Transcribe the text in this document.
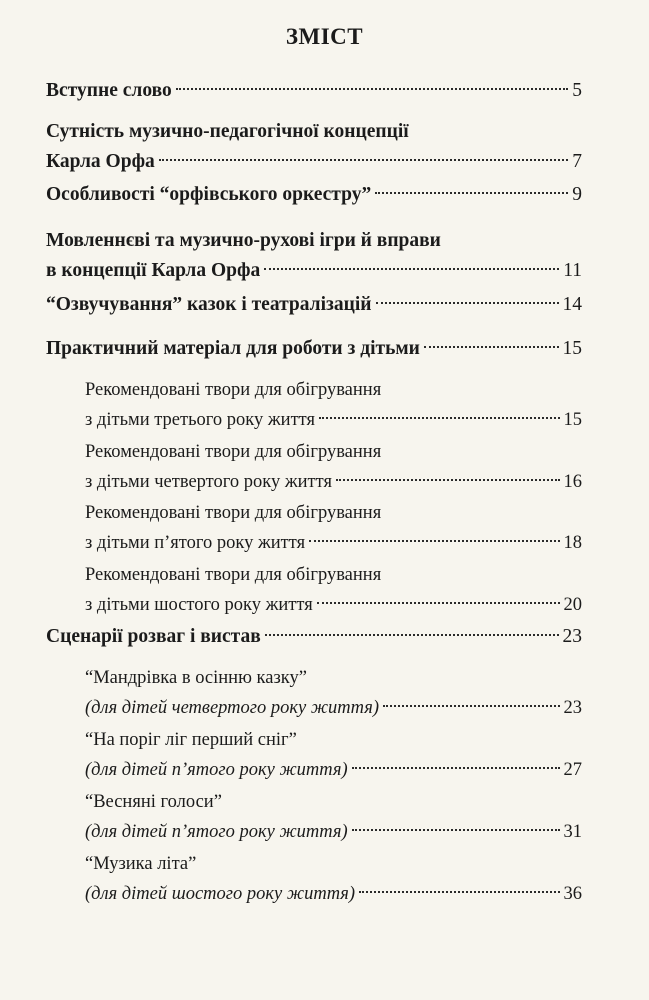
ЗМІСТ
Вступне слово	5
Сутність музично-педагогічної концепції
Карла Орфа	7
Особливості “орфівського оркестру”	9
Мовленнєві та музично-рухові ігри й вправи
в концепції Карла Орфа	11
“Озвучування” казок і театралізацій	14
Практичний матеріал для роботи з дітьми	15
Рекомендовані твори для обігрування
з дітьми третього року життя	15
Рекомендовані твори для обігрування
з дітьми четвертого року життя	16
Рекомендовані твори для обігрування
з дітьми п’ятого року життя	18
Рекомендовані твори для обігрування
з дітьми шостого року життя	20
Сценарії розваг і вистав	23
“Мандрівка в осінню казку”
(для дітей четвертого року життя)	23
“На поріг ліг перший сніг”
(для дітей п’ятого року життя)	27
“Весняні голоси”
(для дітей п’ятого року життя)	31
“Музика літа”
(для дітей шостого року життя)	36
